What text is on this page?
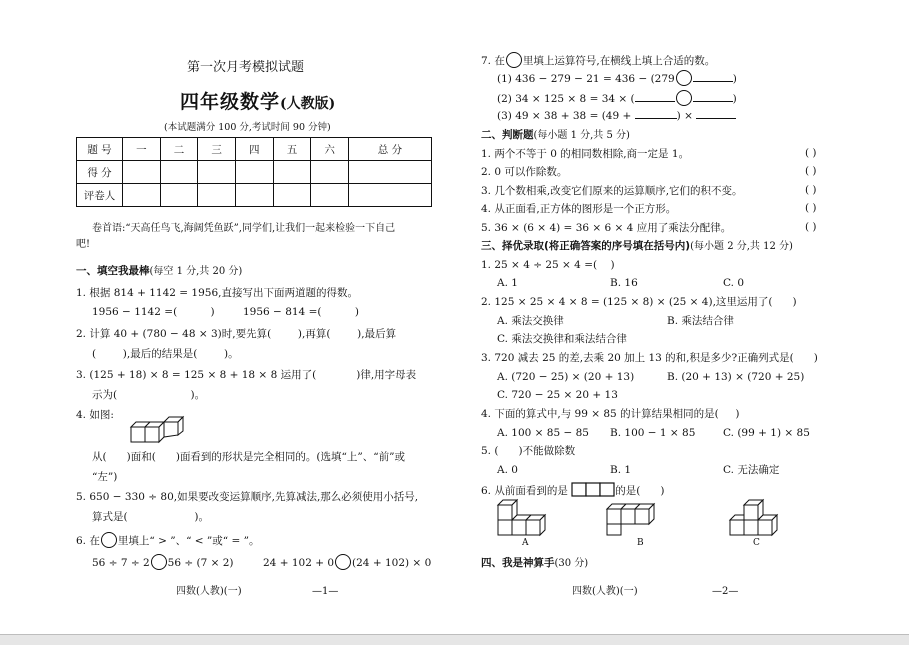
第一次月考模拟试题
四年级数学(人教版)
(本试题满分 100 分,考试时间 90 分钟)
题 号	一	二	三	四	五	六	总 分
得 分							
评卷人							
卷首语:“天高任鸟飞,海阔凭鱼跃”,同学们,让我们一起来检验一下自己
吧!
一、填空我最棒(每空 1 分,共 20 分)
1. 根据 814 + 1142 = 1956,直接写出下面两道题的得数。
1956 − 1142 =(          )	1956 − 814 =(          )
2. 计算 40 + (780 − 48 × 3)时,要先算(        ),再算(        ),最后算
(        ),最后的结果是(        )。
3. (125 + 18) × 8 = 125 × 8 + 18 × 8 运用了(            )律,用字母表
示为(                      )。
4. 如图:
从(      )面和(      )面看到的形状是完全相同的。(选填“上”、“前”或
“左”)
5. 650 − 330 ÷ 80,如果要改变运算顺序,先算减法,那么必须使用小括号,
算式是(                    )。
6. 在 里填上“ > ”、“ < ”或“ = ”。
56 ÷ 7 ÷ 2 56 ÷ (7 × 2)	24 + 102 + 0 (24 + 102) × 0
四数(人教)(一)	—1—
7. 在 里填上运算符号,在横线上填上合适的数。
(1) 436 − 279 − 21 = 436 − (279	)
(2) 34 × 125 × 8 = 34 × (	)
(3) 49 × 38 + 38 = (49 +	) ×
二、判断题(每小题 1 分,共 5 分)
1. 两个不等于 0 的相同数相除,商一定是 1。	( )
2. 0 可以作除数。	( )
3. 几个数相乘,改变它们原来的运算顺序,它们的积不变。	( )
4. 从正面看,正方体的图形是一个正方形。	( )
5. 36 × (6 × 4) = 36 × 6 × 4 应用了乘法分配律。	( )
三、择优录取(将正确答案的序号填在括号内)(每小题 2 分,共 12 分)
1. 25 × 4 ÷ 25 × 4 =(    )
A. 1	B. 16	C. 0
2. 125 × 25 × 4 × 8 = (125 × 8) × (25 × 4),这里运用了(      )
A. 乘法交换律	B. 乘法结合律
C. 乘法交换律和乘法结合律
3. 720 减去 25 的差,去乘 20 加上 13 的和,积是多少?正确列式是(      )
A. (720 − 25) × (20 + 13)	B. (20 + 13) × (720 + 25)
C. 720 − 25 × 20 + 13
4. 下面的算式中,与 99 × 85 的计算结果相同的是(     )
A. 100 × 85 − 85 B. 100 − 1 × 85	C. (99 + 1) × 85
5. (      )不能做除数
A. 0	B. 1	C. 无法确定
6. 从前面看到的是	的是(      )
A	B	C
四、我是神算手(30 分)
四数(人教)(一)	—2—
